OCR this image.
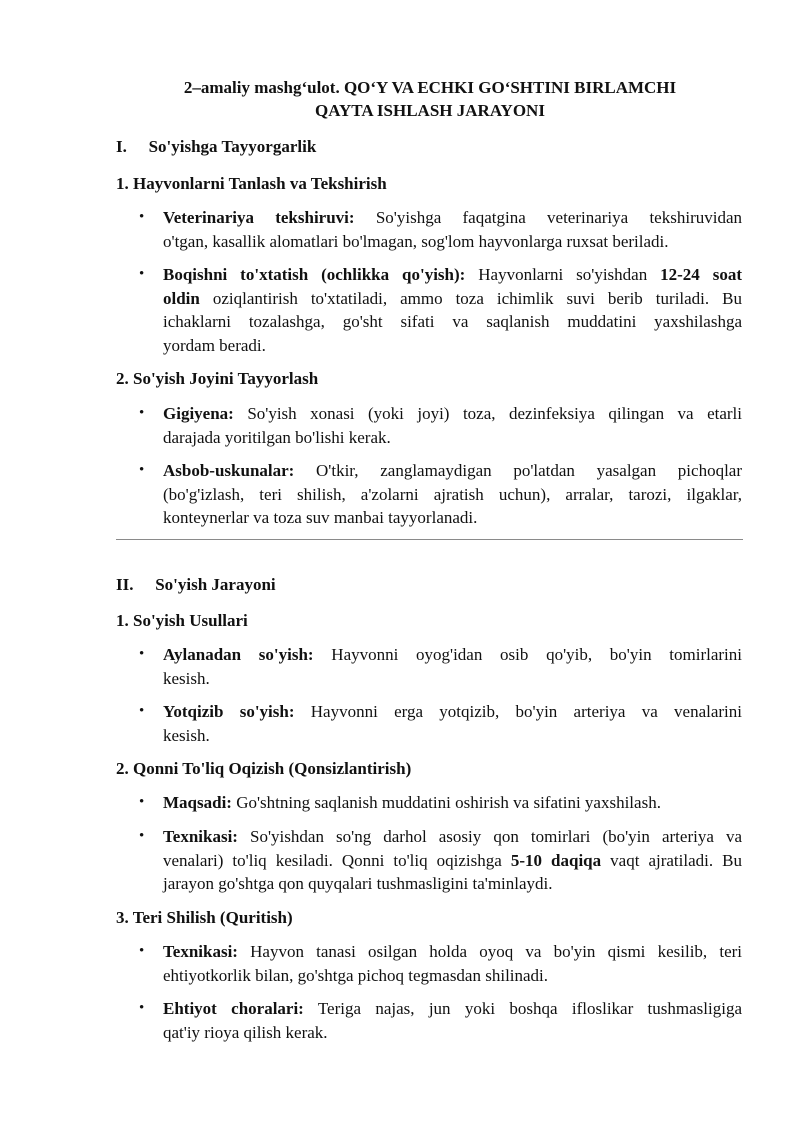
2–amaliy mashg‘ulot. QO‘Y VA ECHKI GO‘SHTINI BIRLAMCHI
QAYTA ISHLASH JARAYONI
I. So'yishga Tayyorgarlik
1. Hayvonlarni Tanlash va Tekshirish
• Veterinariya tekshiruvi: So'yishga faqatgina veterinariya tekshiruvidan
o'tgan, kasallik alomatlari bo'lmagan, sog'lom hayvonlarga ruxsat beriladi.
• Boqishni to'xtatish (ochlikka qo'yish): Hayvonlarni so'yishdan 12-24 soat
oldin oziqlantirish to'xtatiladi, ammo toza ichimlik suvi berib turiladi. Bu
ichaklarni tozalashga, go'sht sifati va saqlanish muddatini yaxshilashga
yordam beradi.
2. So'yish Joyini Tayyorlash
• Gigiyena: So'yish xonasi (yoki joyi) toza, dezinfeksiya qilingan va etarli
darajada yoritilgan bo'lishi kerak.
• Asbob-uskunalar: O'tkir, zanglamaydigan po'latdan yasalgan pichoqlar
(bo'g'izlash, teri shilish, a'zolarni ajratish uchun), arralar, tarozi, ilgaklar,
konteynerlar va toza suv manbai tayyorlanadi.
II. So'yish Jarayoni
1. So'yish Usullari
• Aylanadan so'yish: Hayvonni oyog'idan osib qo'yib, bo'yin tomirlarini
kesish.
• Yotqizib so'yish: Hayvonni erga yotqizib, bo'yin arteriya va venalarini
kesish.
2. Qonni To'liq Oqizish (Qonsizlantirish)
• Maqsadi: Go'shtning saqlanish muddatini oshirish va sifatini yaxshilash.
• Texnikasi: So'yishdan so'ng darhol asosiy qon tomirlari (bo'yin arteriya va
venalari) to'liq kesiladi. Qonni to'liq oqizishga 5-10 daqiqa vaqt ajratiladi. Bu
jarayon go'shtga qon quyqalari tushmasligini ta'minlaydi.
3. Teri Shilish (Quritish)
• Texnikasi: Hayvon tanasi osilgan holda oyoq va bo'yin qismi kesilib, teri
ehtiyotkorlik bilan, go'shtga pichoq tegmasdan shilinadi.
• Ehtiyot choralari: Teriga najas, jun yoki boshqa ifloslikar tushmasligiga
qat'iy rioya qilish kerak.
